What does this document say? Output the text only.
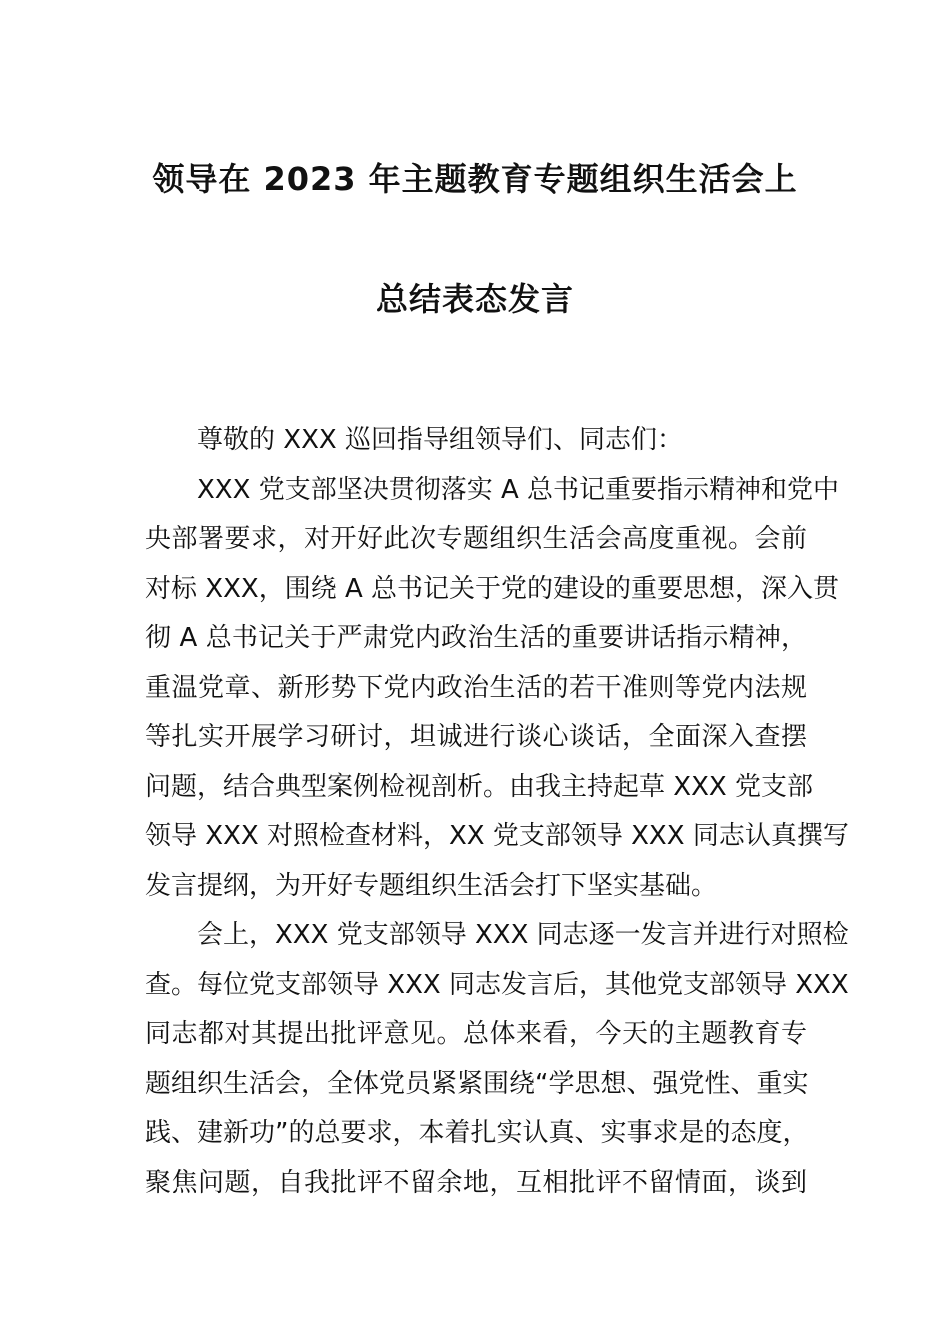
领导在 2023 年主题教育专题组织生活会上
总结表态发言
尊敬的 XXX 巡回指导组领导们、同志们：
XXX 党支部坚决贯彻落实 A 总书记重要指示精神和党中
央部署要求，对开好此次专题组织生活会高度重视。会前
对标 XXX，围绕 A 总书记关于党的建设的重要思想，深入贯
彻 A 总书记关于严肃党内政治生活的重要讲话指示精神，
重温党章、新形势下党内政治生活的若干准则等党内法规
等扎实开展学习研讨，坦诚进行谈心谈话，全面深入查摆
问题，结合典型案例检视剖析。由我主持起草 XXX 党支部
领导 XXX 对照检查材料，XX 党支部领导 XXX 同志认真撰写
发言提纲，为开好专题组织生活会打下坚实基础。
会上，XXX 党支部领导 XXX 同志逐一发言并进行对照检
查。每位党支部领导 XXX 同志发言后，其他党支部领导 XXX
同志都对其提出批评意见。总体来看，今天的主题教育专
题组织生活会，全体党员紧紧围绕“学思想、强党性、重实
践、建新功”的总要求，本着扎实认真、实事求是的态度，
聚焦问题，自我批评不留余地，互相批评不留情面，谈到
